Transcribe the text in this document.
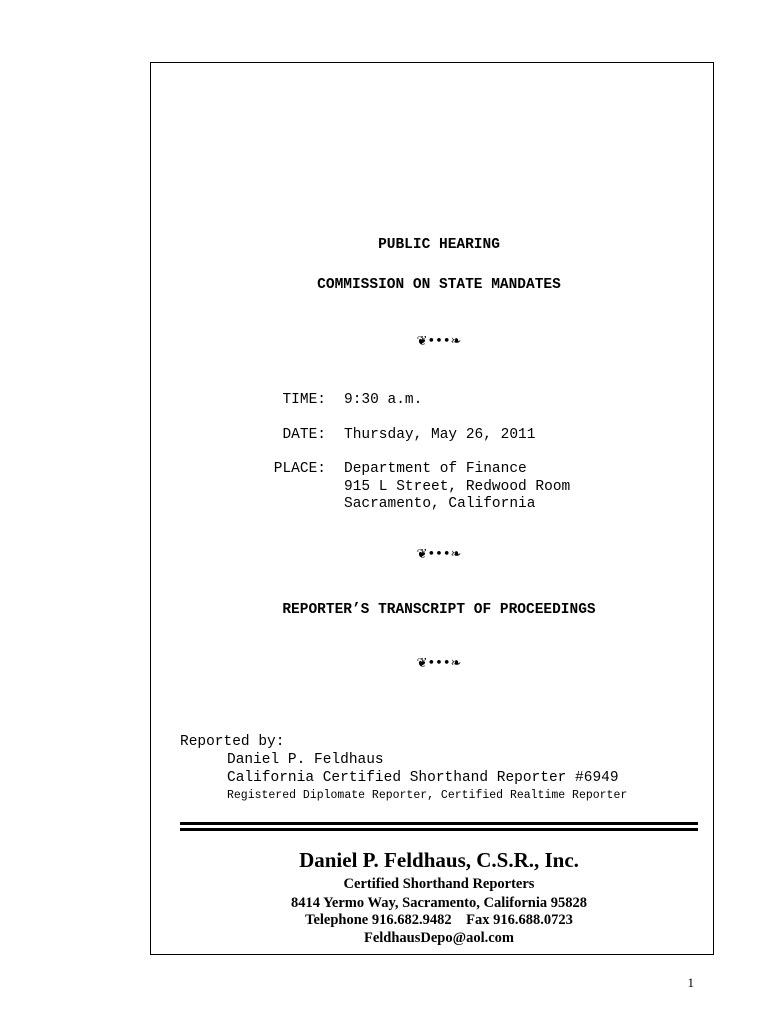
PUBLIC HEARING
COMMISSION ON STATE MANDATES
❦•••❧
TIME: 9:30 a.m.
DATE: Thursday, May 26, 2011
PLACE: Department of Finance
915 L Street, Redwood Room
Sacramento, California
❦•••❧
REPORTER’S TRANSCRIPT OF PROCEEDINGS
❦•••❧
Reported by:
Daniel P. Feldhaus
California Certified Shorthand Reporter #6949
Registered Diplomate Reporter, Certified Realtime Reporter
Daniel P. Feldhaus, C.S.R., Inc.
Certified Shorthand Reporters
8414 Yermo Way, Sacramento, California 95828
Telephone 916.682.9482    Fax 916.688.0723
FeldhausDepo@aol.com
1
